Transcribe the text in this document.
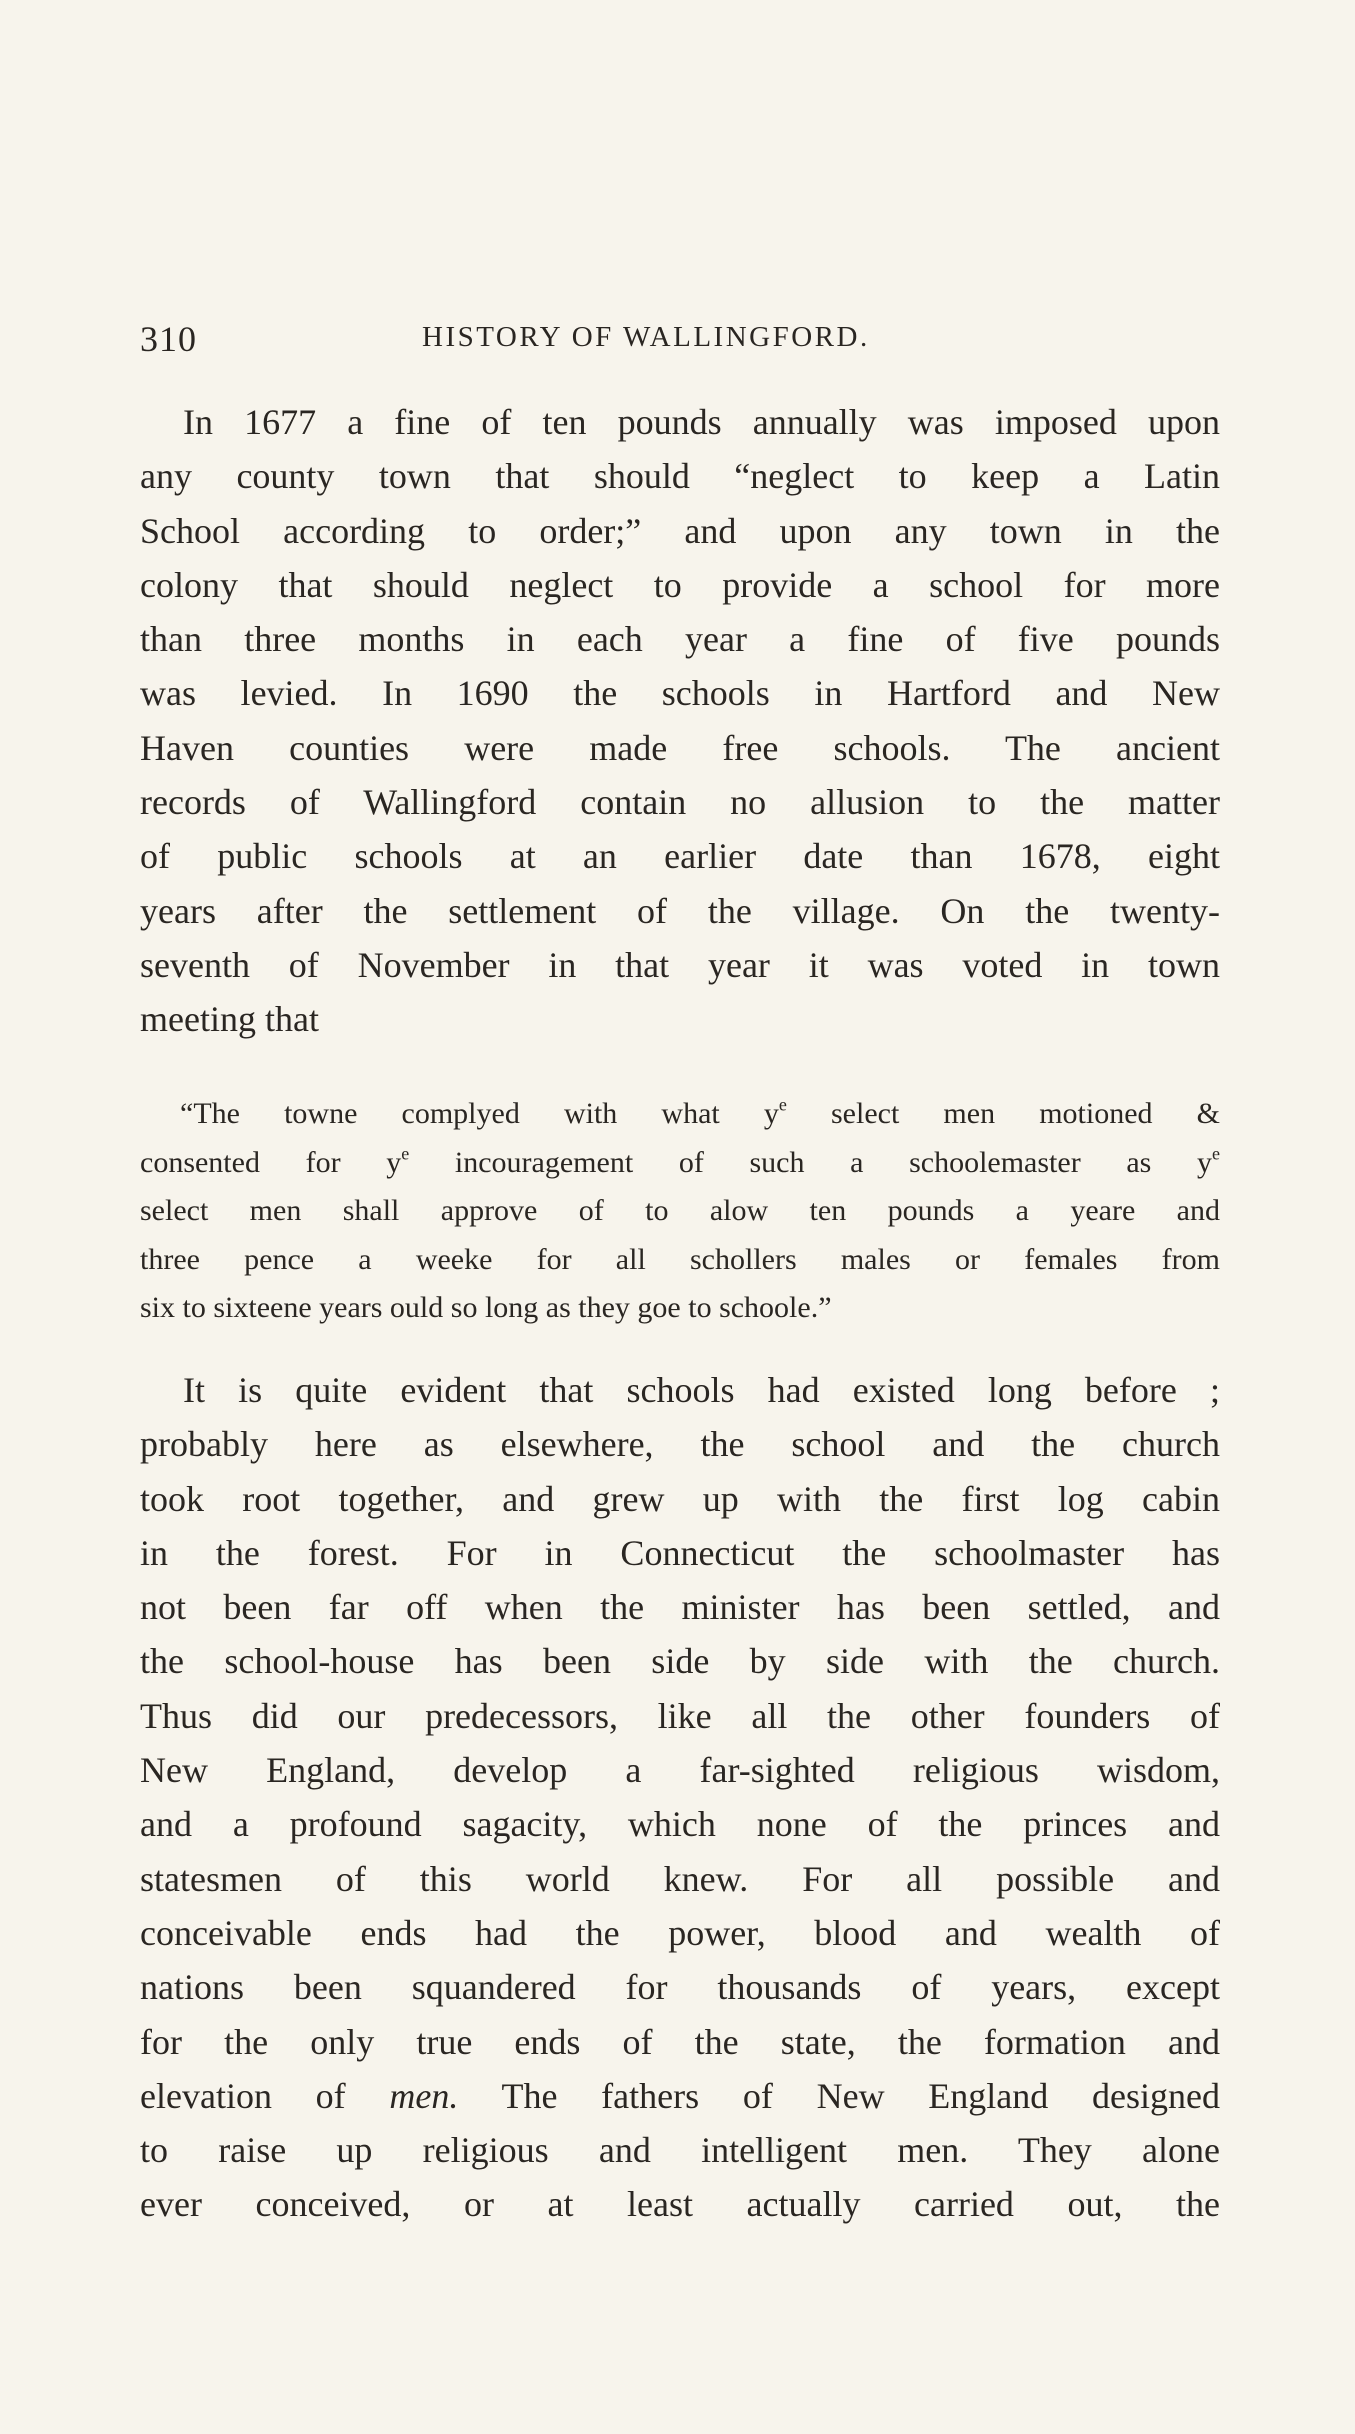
310	HISTORY OF WALLINGFORD.

In 1677 a fine of ten pounds annually was imposed upon
any county town that should “neglect to keep a Latin
School according to order;” and upon any town in the
colony that should neglect to provide a school for more
than three months in each year a fine of five pounds
was levied. In 1690 the schools in Hartford and New
Haven counties were made free schools. The ancient
records of Wallingford contain no allusion to the matter
of public schools at an earlier date than 1678, eight
years after the settlement of the village. On the twenty-
seventh of November in that year it was voted in town
meeting that

“The towne complyed with what $y^e$ select men motioned &
consented for $y^e$ incouragement of such a schoolemaster as $y^e$
select men shall approve of to alow ten pounds a yeare and
three pence a weeke for all schollers males or females from
six to sixteene years ould so long as they goe to schoole.”

It is quite evident that schools had existed long before ;
probably here as elsewhere, the school and the church
took root together, and grew up with the first log cabin
in the forest. For in Connecticut the schoolmaster has
not been far off when the minister has been settled, and
the school-house has been side by side with the church.
Thus did our predecessors, like all the other founders of
New England, develop a far-sighted religious wisdom,
and a profound sagacity, which none of the princes and
statesmen of this world knew. For all possible and
conceivable ends had the power, blood and wealth of
nations been squandered for thousands of years, except
for the only true ends of the state, the formation and
elevation of men. The fathers of New England designed
to raise up religious and intelligent men. They alone
ever conceived, or at least actually carried out, the
